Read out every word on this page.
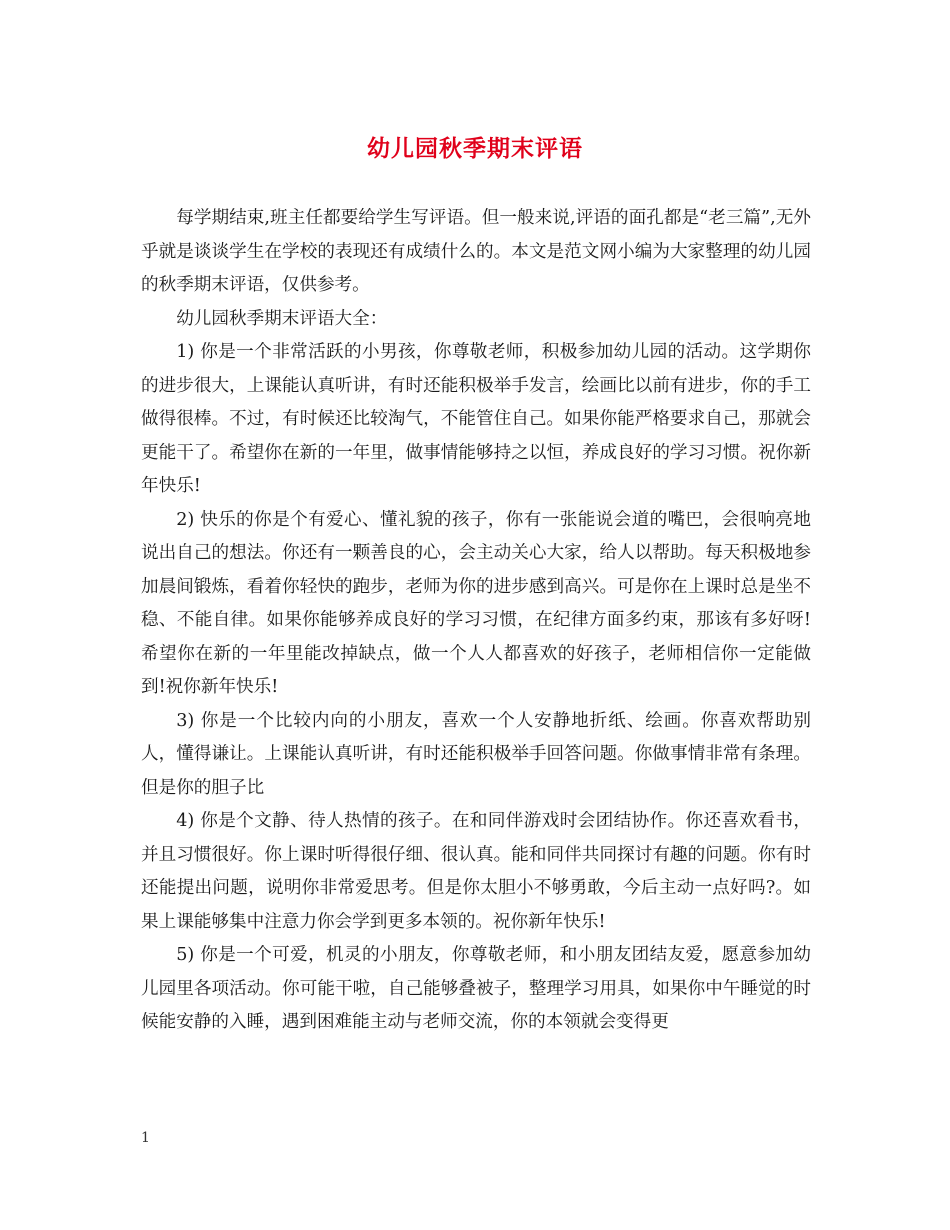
幼儿园秋季期末评语

每学期结束,班主任都要给学生写评语。但一般来说,评语的面孔都是“老三篇”,无外乎就是谈谈学生在学校的表现还有成绩什么的。本文是范文网小编为大家整理的幼儿园的秋季期末评语，仅供参考。

幼儿园秋季期末评语大全：

1) 你是一个非常活跃的小男孩，你尊敬老师，积极参加幼儿园的活动。这学期你的进步很大，上课能认真听讲，有时还能积极举手发言，绘画比以前有进步，你的手工做得很棒。不过，有时候还比较淘气，不能管住自己。如果你能严格要求自己，那就会更能干了。希望你在新的一年里，做事情能够持之以恒，养成良好的学习习惯。祝你新年快乐!

2) 快乐的你是个有爱心、懂礼貌的孩子，你有一张能说会道的嘴巴，会很响亮地说出自己的想法。你还有一颗善良的心，会主动关心大家，给人以帮助。每天积极地参加晨间锻炼，看着你轻快的跑步，老师为你的进步感到高兴。可是你在上课时总是坐不稳、不能自律。如果你能够养成良好的学习习惯，在纪律方面多约束，那该有多好呀!希望你在新的一年里能改掉缺点，做一个人人都喜欢的好孩子，老师相信你一定能做到!祝你新年快乐!

3) 你是一个比较内向的小朋友，喜欢一个人安静地折纸、绘画。你喜欢帮助别人，懂得谦让。上课能认真听讲，有时还能积极举手回答问题。你做事情非常有条理。但是你的胆子比

4) 你是个文静、待人热情的孩子。在和同伴游戏时会团结协作。你还喜欢看书，并且习惯很好。你上课时听得很仔细、很认真。能和同伴共同探讨有趣的问题。你有时还能提出问题，说明你非常爱思考。但是你太胆小不够勇敢，今后主动一点好吗?。如果上课能够集中注意力你会学到更多本领的。祝你新年快乐!

5) 你是一个可爱，机灵的小朋友，你尊敬老师，和小朋友团结友爱，愿意参加幼儿园里各项活动。你可能干啦，自己能够叠被子，整理学习用具，如果你中午睡觉的时候能安静的入睡，遇到困难能主动与老师交流，你的本领就会变得更

1
